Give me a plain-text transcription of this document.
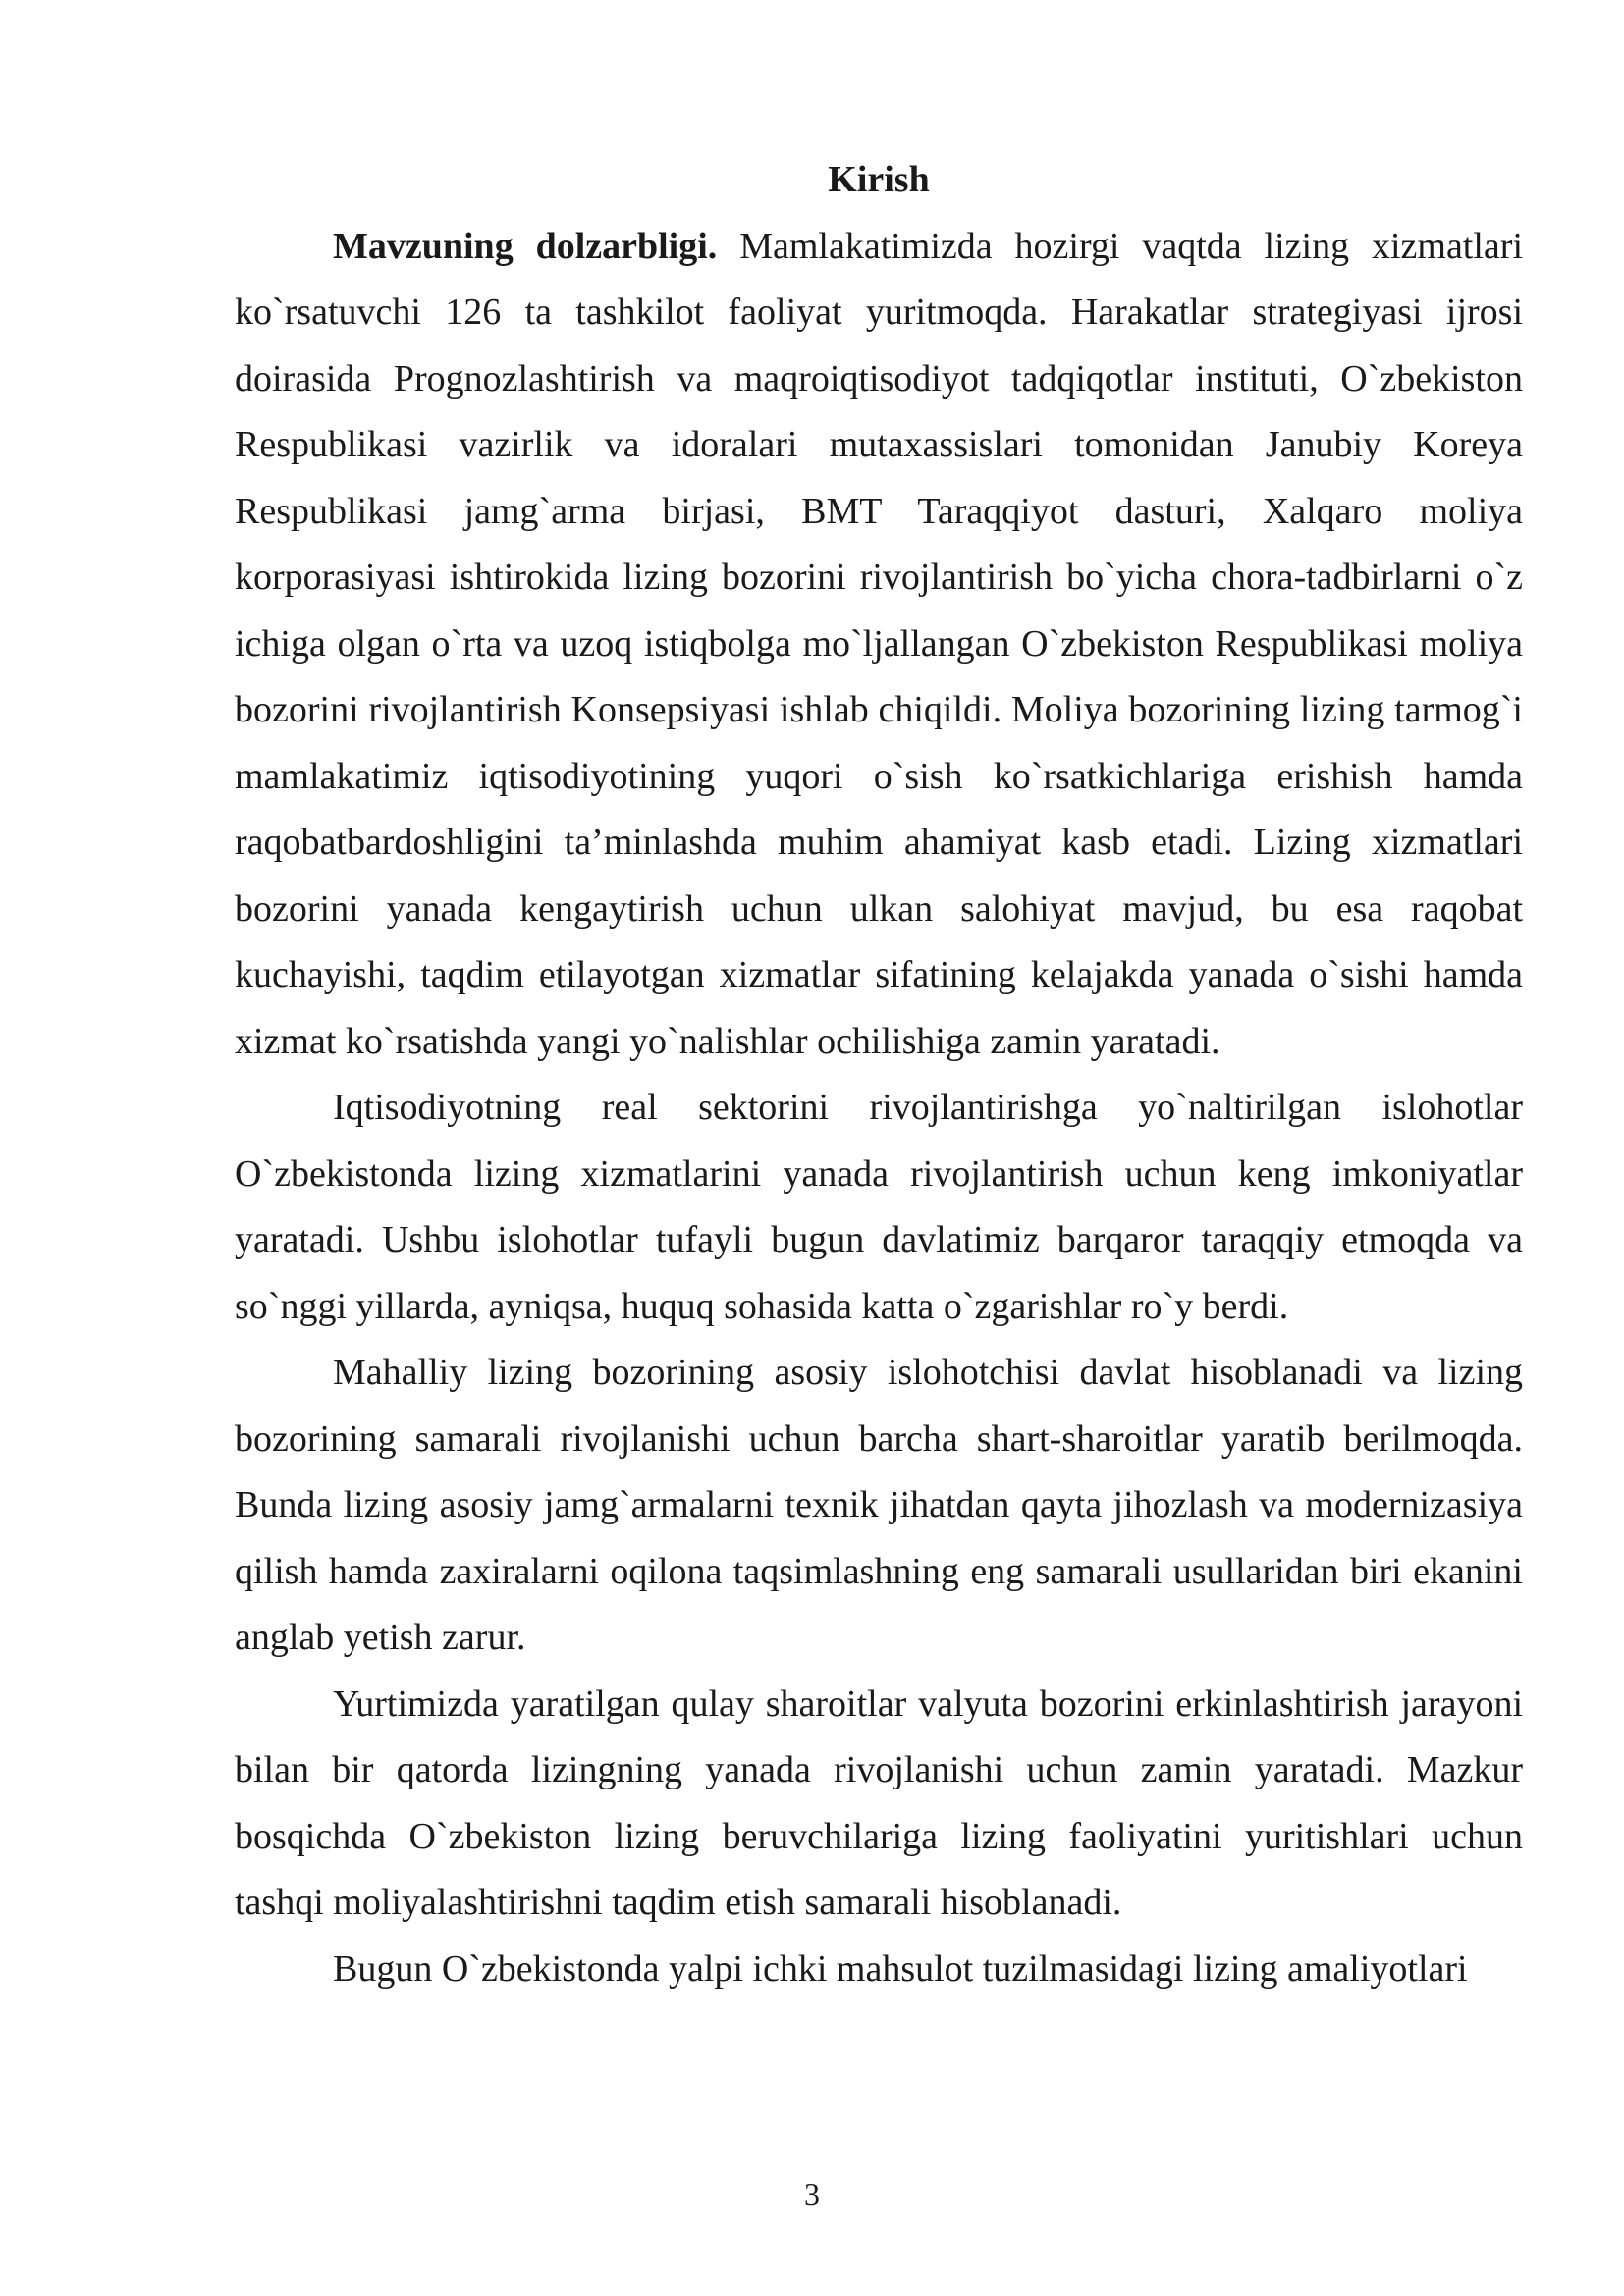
Kirish

Mavzuning dolzarbligi. Mamlakatimizda hozirgi vaqtda lizing xizmatlari ko`rsatuvchi 126 ta tashkilot faoliyat yuritmoqda. Harakatlar strategiyasi ijrosi doirasida Prognozlashtirish va maqroiqtisodiyot tadqiqotlar instituti, O`zbekiston Respublikasi vazirlik va idoralari mutaxassislari tomonidan Janubiy Koreya Respublikasi jamg`arma birjasi, BMT Taraqqiyot dasturi, Xalqaro moliya korporasiyasi ishtirokida lizing bozorini rivojlantirish bo`yicha chora-tadbirlarni o`z ichiga olgan o`rta va uzoq istiqbolga mo`ljallangan O`zbekiston Respublikasi moliya bozorini rivojlantirish Konsepsiyasi ishlab chiqildi. Moliya bozorining lizing tarmog`i mamlakatimiz iqtisodiyotining yuqori o`sish ko`rsatkichlariga erishish hamda raqobatbardoshligini ta’minlashda muhim ahamiyat kasb etadi. Lizing xizmatlari bozorini yanada kengaytirish uchun ulkan salohiyat mavjud, bu esa raqobat kuchayishi, taqdim etilayotgan xizmatlar sifatining kelajakda yanada o`sishi hamda xizmat ko`rsatishda yangi yo`nalishlar ochilishiga zamin yaratadi.

Iqtisodiyotning real sektorini rivojlantirishga yo`naltirilgan islohotlar O`zbekistonda lizing xizmatlarini yanada rivojlantirish uchun keng imkoniyatlar yaratadi. Ushbu islohotlar tufayli bugun davlatimiz barqaror taraqqiy etmoqda va so`nggi yillarda, ayniqsa, huquq sohasida katta o`zgarishlar ro`y berdi.

Mahalliy lizing bozorining asosiy islohotchisi davlat hisoblanadi va lizing bozorining samarali rivojlanishi uchun barcha shart-sharoitlar yaratib berilmoqda. Bunda lizing asosiy jamg`armalarni texnik jihatdan qayta jihozlash va modernizasiya qilish hamda zaxiralarni oqilona taqsimlashning eng samarali usullaridan biri ekanini anglab yetish zarur.

Yurtimizda yaratilgan qulay sharoitlar valyuta bozorini erkinlashtirish jarayoni bilan bir qatorda lizingning yanada rivojlanishi uchun zamin yaratadi. Mazkur bosqichda O`zbekiston lizing beruvchilariga lizing faoliyatini yuritishlari uchun tashqi moliyalashtirishni taqdim etish samarali hisoblanadi.

Bugun O`zbekistonda yalpi ichki mahsulot tuzilmasidagi lizing amaliyotlari

3
